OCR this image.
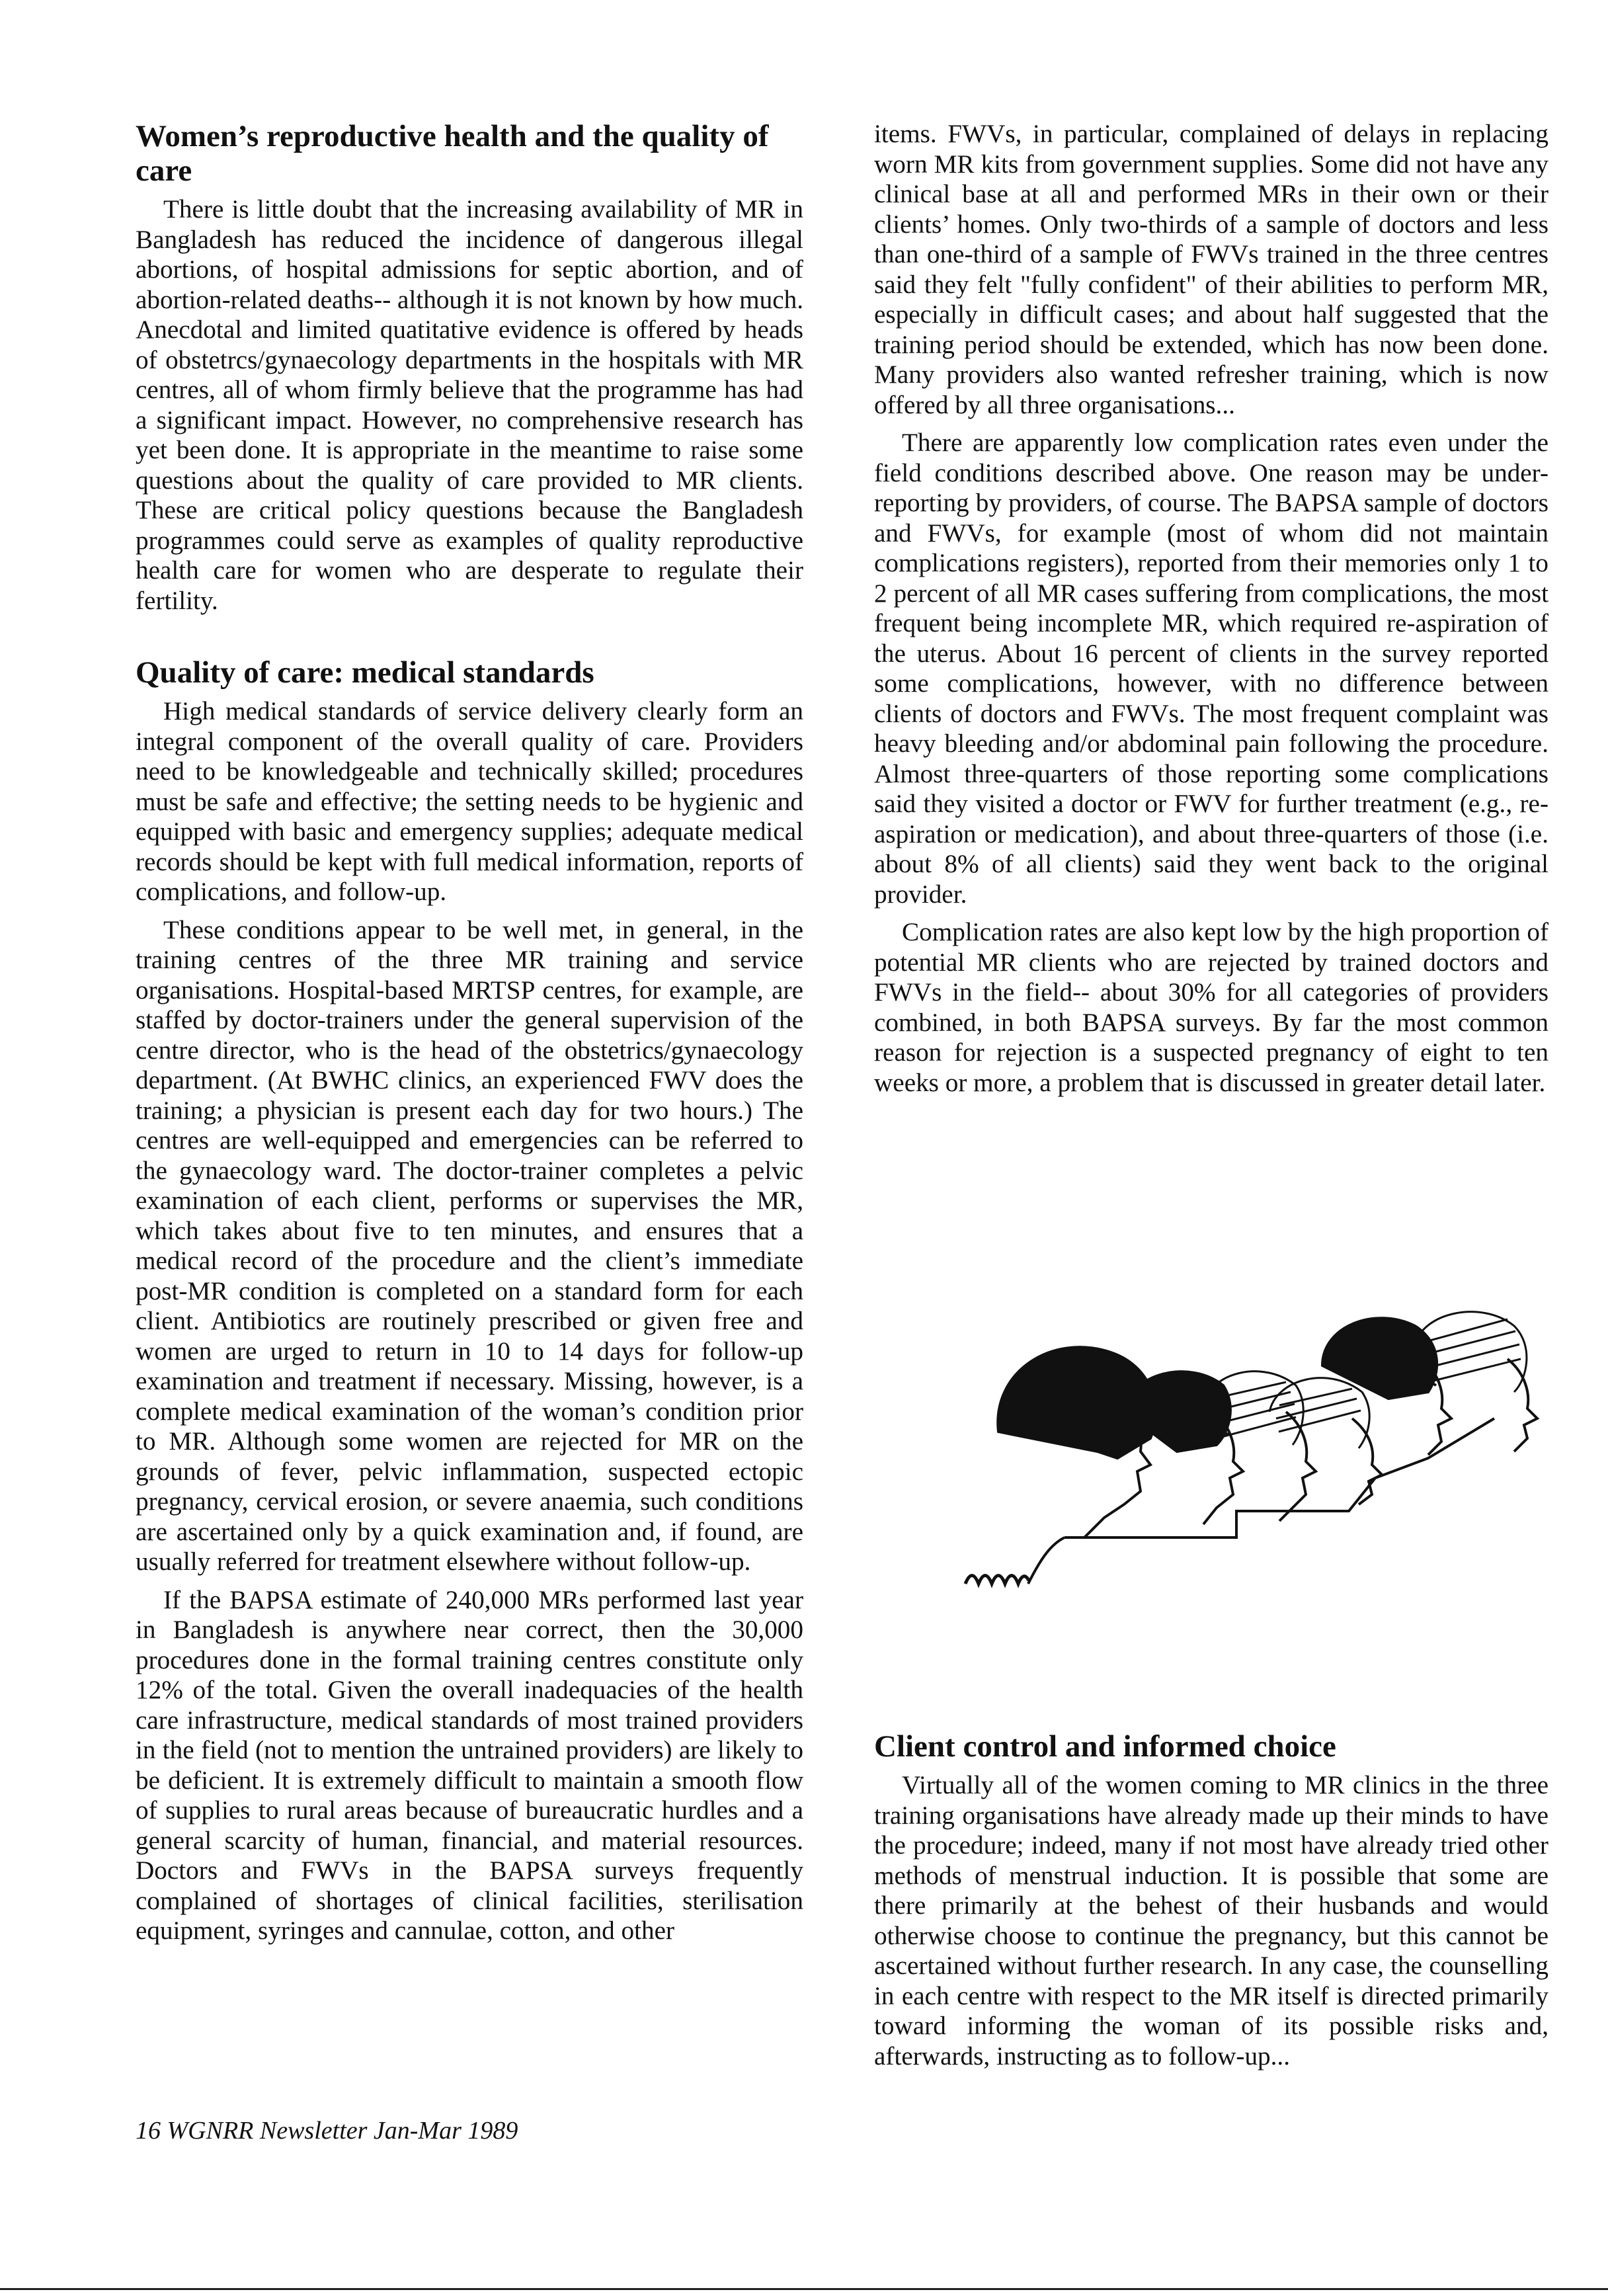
Women’s reproductive health and the quality of care

There is little doubt that the increasing availability of MR in Bangladesh has reduced the incidence of dangerous illegal abortions, of hospital admissions for septic abortion, and of abortion-related deaths-- although it is not known by how much. Anecdotal and limited quatitative evidence is offered by heads of obstetrcs/gynaecology departments in the hospitals with MR centres, all of whom firmly believe that the programme has had a significant impact. However, no comprehensive research has yet been done. It is appropriate in the meantime to raise some questions about the quality of care provided to MR clients. These are critical policy questions because the Bangladesh programmes could serve as examples of quality reproductive health care for women who are desperate to regulate their fertility.

Quality of care: medical standards

High medical standards of service delivery clearly form an integral component of the overall quality of care. Providers need to be knowledgeable and technically skilled; procedures must be safe and effective; the setting needs to be hygienic and equipped with basic and emergency supplies; adequate medical records should be kept with full medical information, reports of complications, and follow-up.

These conditions appear to be well met, in general, in the training centres of the three MR training and service organisations. Hospital-based MRTSP centres, for example, are staffed by doctor-trainers under the general supervision of the centre director, who is the head of the obstetrics/gynaecology department. (At BWHC clinics, an experienced FWV does the training; a physician is present each day for two hours.) The centres are well-equipped and emergencies can be referred to the gynaecology ward. The doctor-trainer completes a pelvic examination of each client, performs or supervises the MR, which takes about five to ten minutes, and ensures that a medical record of the procedure and the client’s immediate post-MR condition is completed on a standard form for each client. Antibiotics are routinely prescribed or given free and women are urged to return in 10 to 14 days for follow-up examination and treatment if necessary. Missing, however, is a complete medical examination of the woman’s condition prior to MR. Although some women are rejected for MR on the grounds of fever, pelvic inflammation, suspected ectopic pregnancy, cervical erosion, or severe anaemia, such conditions are ascertained only by a quick examination and, if found, are usually referred for treatment elsewhere without follow-up.

If the BAPSA estimate of 240,000 MRs performed last year in Bangladesh is anywhere near correct, then the 30,000 procedures done in the formal training centres constitute only 12% of the total. Given the overall inadequacies of the health care infrastructure, medical standards of most trained providers in the field (not to mention the untrained providers) are likely to be deficient. It is extremely difficult to maintain a smooth flow of supplies to rural areas because of bureaucratic hurdles and a general scarcity of human, financial, and material resources. Doctors and FWVs in the BAPSA surveys frequently complained of shortages of clinical facilities, sterilisation equipment, syringes and cannulae, cotton, and other

items. FWVs, in particular, complained of delays in replacing worn MR kits from government supplies. Some did not have any clinical base at all and performed MRs in their own or their clients’ homes. Only two-thirds of a sample of doctors and less than one-third of a sample of FWVs trained in the three centres said they felt "fully confident" of their abilities to perform MR, especially in difficult cases; and about half suggested that the training period should be extended, which has now been done. Many providers also wanted refresher training, which is now offered by all three organisations...

There are apparently low complication rates even under the field conditions described above. One reason may be under-reporting by providers, of course. The BAPSA sample of doctors and FWVs, for example (most of whom did not maintain complications registers), reported from their memories only 1 to 2 percent of all MR cases suffering from complications, the most frequent being incomplete MR, which required re-aspiration of the uterus. About 16 percent of clients in the survey reported some complications, however, with no difference between clients of doctors and FWVs. The most frequent complaint was heavy bleeding and/or abdominal pain following the procedure. Almost three-quarters of those reporting some complications said they visited a doctor or FWV for further treatment (e.g., re-aspiration or medication), and about three-quarters of those (i.e. about 8% of all clients) said they went back to the original provider.

Complication rates are also kept low by the high proportion of potential MR clients who are rejected by trained doctors and FWVs in the field-- about 30% for all categories of providers combined, in both BAPSA surveys. By far the most common reason for rejection is a suspected pregnancy of eight to ten weeks or more, a problem that is discussed in greater detail later.

Client control and informed choice

Virtually all of the women coming to MR clinics in the three training organisations have already made up their minds to have the procedure; indeed, many if not most have already tried other methods of menstrual induction. It is possible that some are there primarily at the behest of their husbands and would otherwise choose to continue the pregnancy, but this cannot be ascertained without further research. In any case, the counselling in each centre with respect to the MR itself is directed primarily toward informing the woman of its possible risks and, afterwards, instructing as to follow-up...

16 WGNRR Newsletter Jan-Mar 1989
